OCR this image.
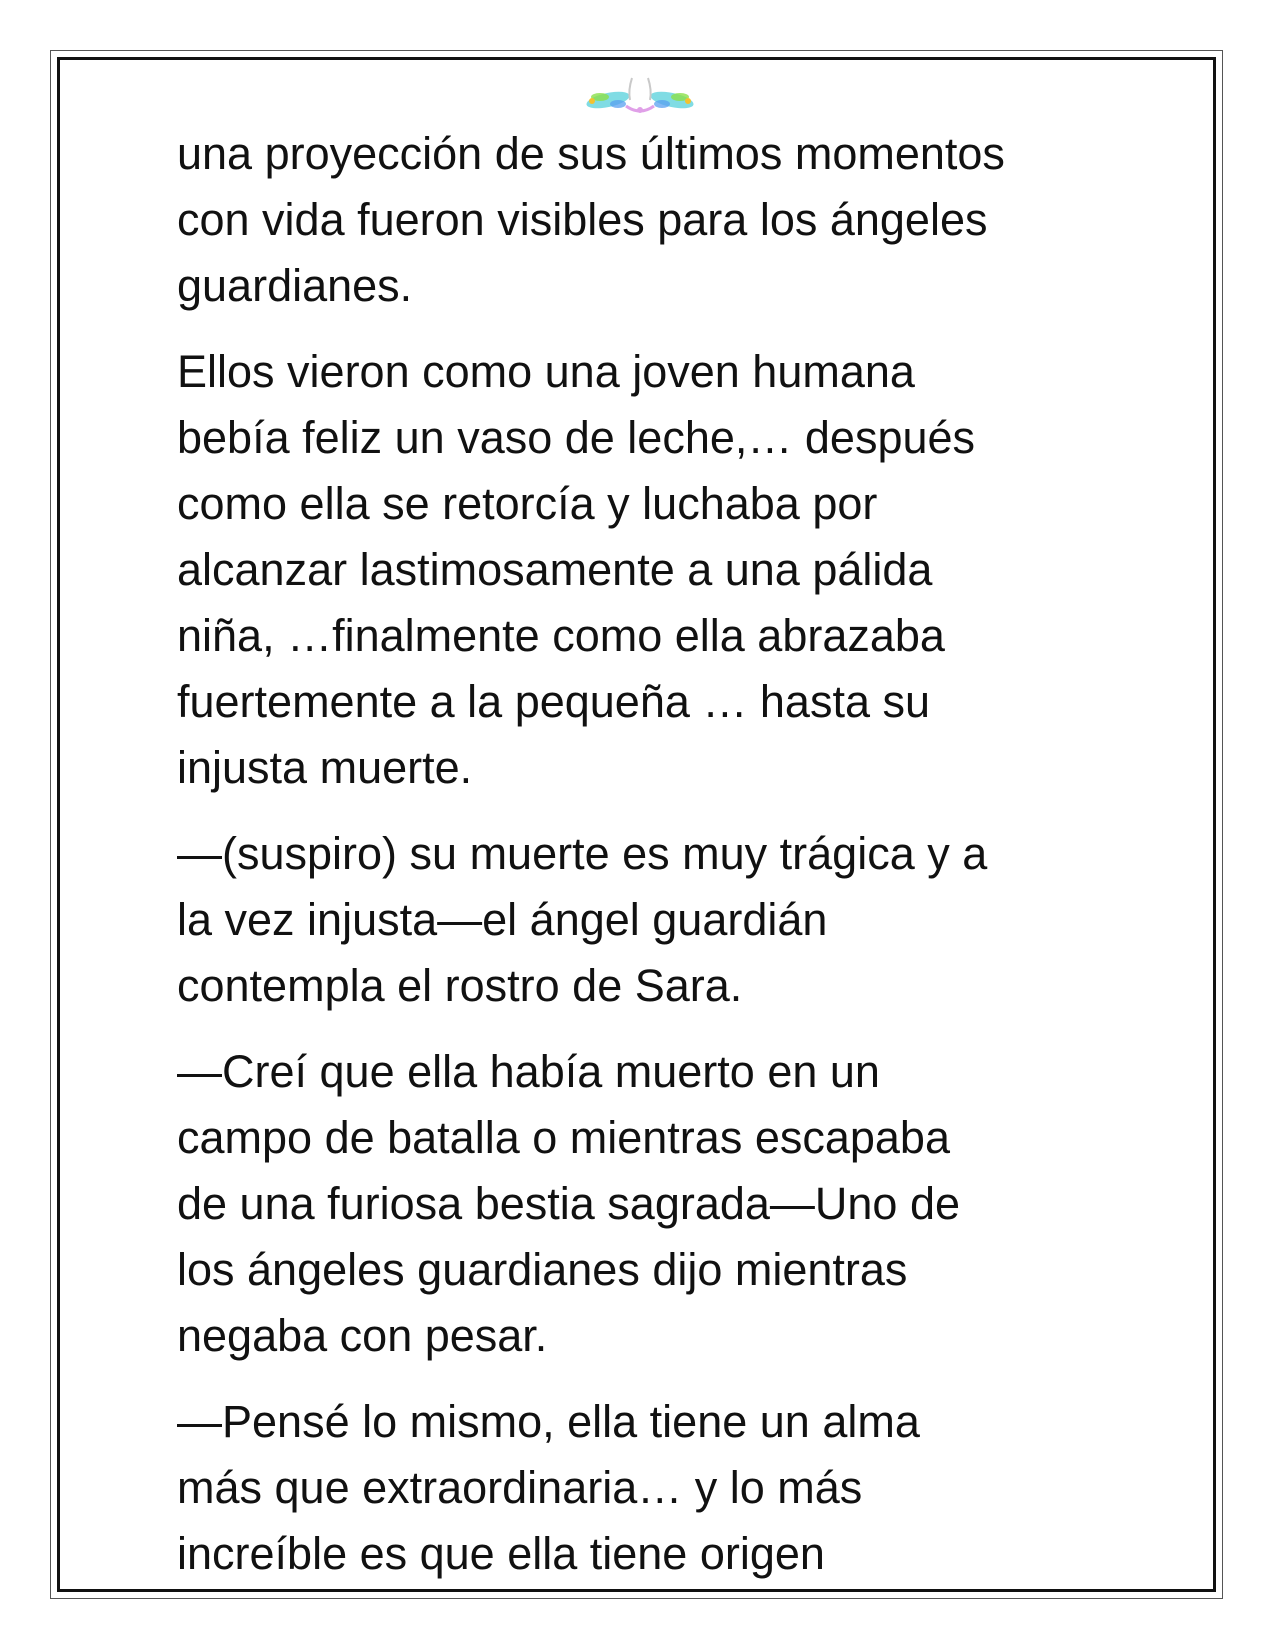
una proyección de sus últimos momentos
con vida fueron visibles para los ángeles
guardianes.

Ellos vieron como una joven humana
bebía feliz un vaso de leche,… después
como ella se retorcía y luchaba por
alcanzar lastimosamente a una pálida
niña, …finalmente como ella abrazaba
fuertemente a la pequeña … hasta su
injusta muerte.

—(suspiro) su muerte es muy trágica y a
la vez injusta—el ángel guardián
contempla el rostro de Sara.

—Creí que ella había muerto en un
campo de batalla o mientras escapaba
de una furiosa bestia sagrada—Uno de
los ángeles guardianes dijo mientras
negaba con pesar.

—Pensé lo mismo, ella tiene un alma
más que extraordinaria… y lo más
increíble es que ella tiene origen
